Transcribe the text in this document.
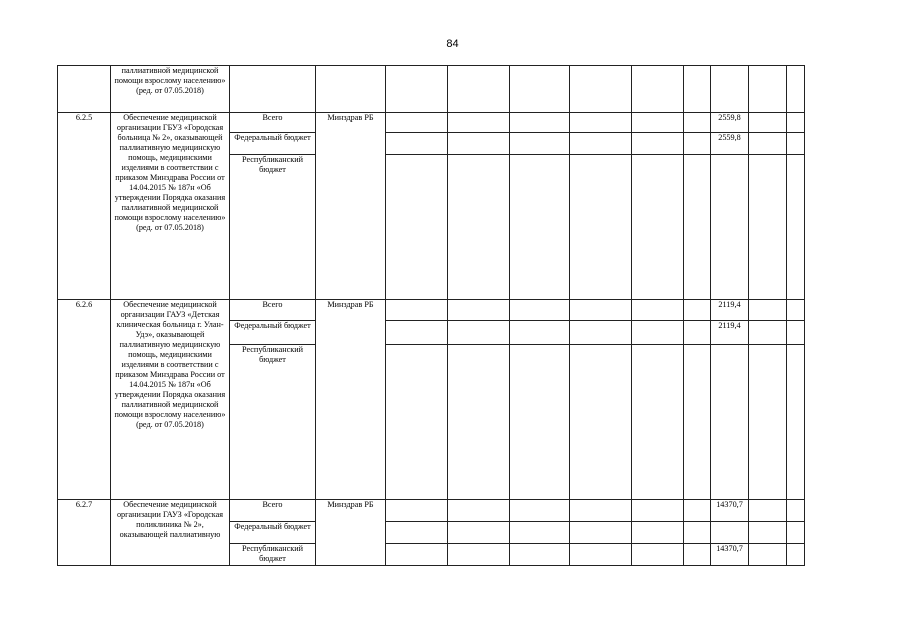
84
	паллиативной медицинской помощи взрослому населению» (ред. от 07.05.2018)											
6.2.5	Обеспечение медицинской организации ГБУЗ «Городская больница № 2», оказывающей паллиативную медицинскую помощь, медицинскими изделиями в соответствии с приказом Минздрава России от 14.04.2015 № 187н «Об утверждении Порядка оказания паллиативной медицинской помощи взрослому населению» (ред. от 07.05.2018)	Всего	Минздрав РБ							2559,8		
		Федеральный бюджет								2559,8		
		Республиканский бюджет										
6.2.6	Обеспечение медицинской организации ГАУЗ «Детская клиническая больница г. Улан-Удэ», оказывающей паллиативную медицинскую помощь, медицинскими изделиями в соответствии с приказом Минздрава России от 14.04.2015 № 187н «Об утверждении Порядка оказания паллиативной медицинской помощи взрослому населению» (ред. от 07.05.2018)	Всего	Минздрав РБ							2119,4		
		Федеральный бюджет								2119,4		
		Республиканский бюджет										
6.2.7	Обеспечение медицинской организации ГАУЗ «Городская поликлиника № 2», оказывающей паллиативную	Всего	Минздрав РБ							14370,7		
		Федеральный бюджет										
		Республиканский бюджет								14370,7		
